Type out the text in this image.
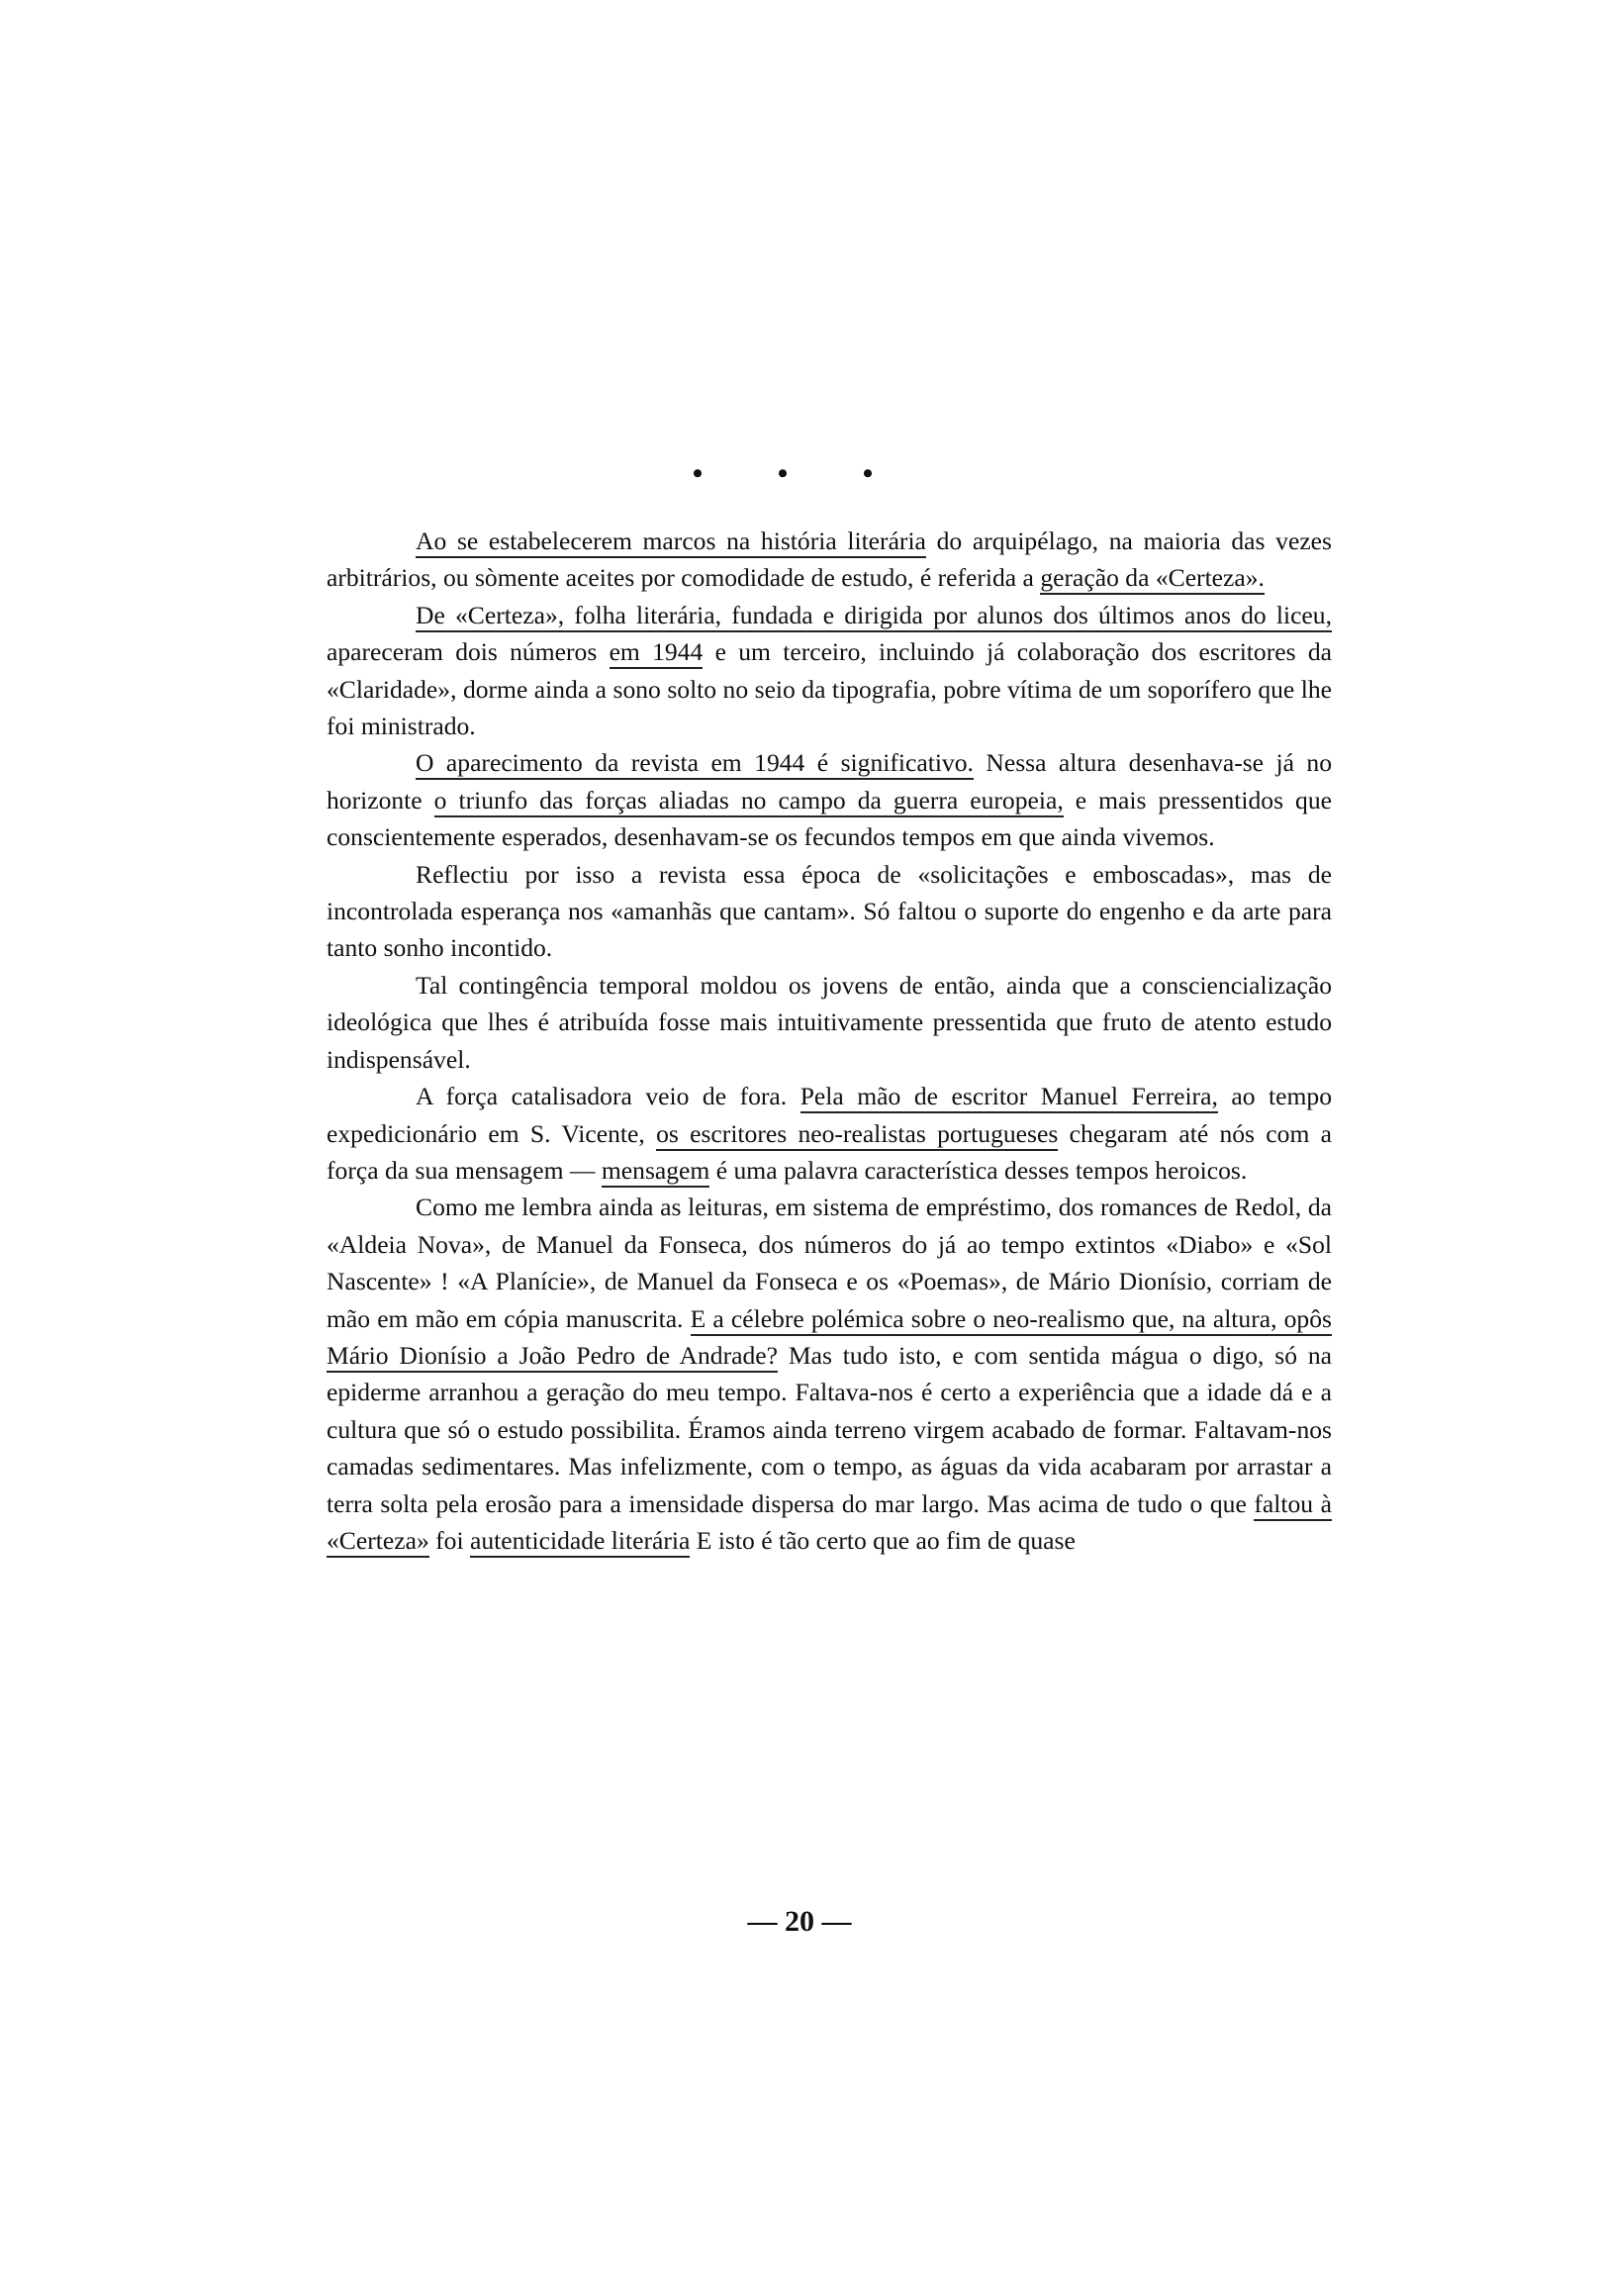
• • •

Ao se estabelecerem marcos na história literária do arquipélago, na maioria das vezes arbitrários, ou sòmente aceites por comodidade de estudo, é referida a geração da «Certeza».

De «Certeza», folha literária, fundada e dirigida por alunos dos últimos anos do liceu, apareceram dois números em 1944 e um terceiro, incluindo já colaboração dos escritores da «Claridade», dorme ainda a sono solto no seio da tipografia, pobre vítima de um soporífero que lhe foi ministrado.

O aparecimento da revista em 1944 é significativo. Nessa altura desenhava-se já no horizonte o triunfo das forças aliadas no campo da guerra europeia, e mais pressentidos que conscientemente esperados, desenhavam-se os fecundos tempos em que ainda vivemos.

Reflectiu por isso a revista essa época de «solicitações e emboscadas», mas de incontrolada esperança nos «amanhãs que cantam». Só faltou o suporte do engenho e da arte para tanto sonho incontido.

Tal contingência temporal moldou os jovens de então, ainda que a consciencialização ideológica que lhes é atribuída fosse mais intuitivamente pressentida que fruto de atento estudo indispensável.

A força catalisadora veio de fora. Pela mão de escritor Manuel Ferreira, ao tempo expedicionário em S. Vicente, os escritores neo-realistas portugueses chegaram até nós com a força da sua mensagem — mensagem é uma palavra característica desses tempos heroicos.

Como me lembra ainda as leituras, em sistema de empréstimo, dos romances de Redol, da «Aldeia Nova», de Manuel da Fonseca, dos números do já ao tempo extintos «Diabo» e «Sol Nascente» ! «A Planície», de Manuel da Fonseca e os «Poemas», de Mário Dionísio, corriam de mão em mão em cópia manuscrita. E a célebre polémica sobre o neo-realismo que, na altura, opôs Mário Dionísio a João Pedro de Andrade? Mas tudo isto, e com sentida mágua o digo, só na epiderme arranhou a geração do meu tempo. Faltava-nos é certo a experiência que a idade dá e a cultura que só o estudo possibilita. Éramos ainda terreno virgem acabado de formar. Faltavam-nos camadas sedimentares. Mas infelizmente, com o tempo, as águas da vida acabaram por arrastar a terra solta pela erosão para a imensidade dispersa do mar largo. Mas acima de tudo o que faltou à «Certeza» foi autenticidade literária E isto é tão certo que ao fim de quase

— 20 —
